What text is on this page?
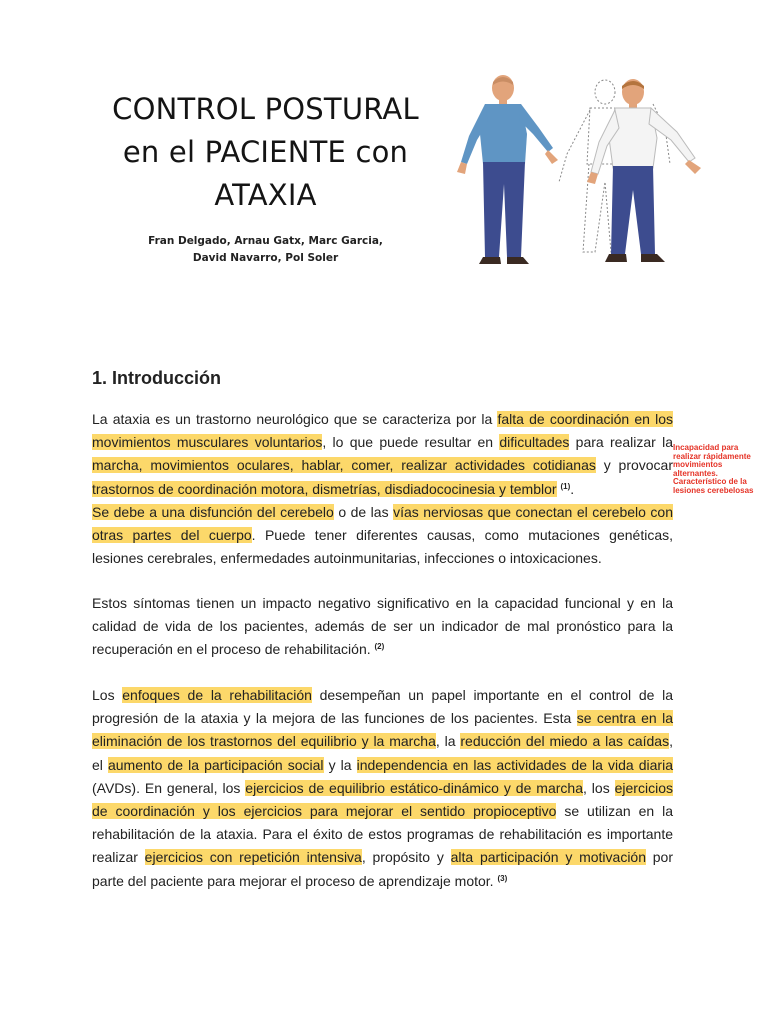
CONTROL POSTURAL
en el PACIENTE con
ATAXIA
Fran Delgado, Arnau Gatx, Marc Garcia,
David Navarro, Pol Soler
1. Introducción

La ataxia es un trastorno neurológico que se caracteriza por la falta de coordinación en los movimientos musculares voluntarios, lo que puede resultar en dificultades para realizar la marcha, movimientos oculares, hablar, comer, realizar actividades cotidianas y provocar trastornos de coordinación motora, dismetrías, disdiadococinesia y temblor $^{(1)}$.
Se debe a una disfunción del cerebelo o de las vías nerviosas que conectan el cerebelo con otras partes del cuerpo. Puede tener diferentes causas, como mutaciones genéticas, lesiones cerebrales, enfermedades autoinmunitarias, infecciones o intoxicaciones.

Estos síntomas tienen un impacto negativo significativo en la capacidad funcional y en la calidad de vida de los pacientes, además de ser un indicador de mal pronóstico para la recuperación en el proceso de rehabilitación. $^{(2)}$

Los enfoques de la rehabilitación desempeñan un papel importante en el control de la progresión de la ataxia y la mejora de las funciones de los pacientes. Esta se centra en la eliminación de los trastornos del equilibrio y la marcha, la reducción del miedo a las caídas, el aumento de la participación social y la independencia en las actividades de la vida diaria (AVDs). En general, los ejercicios de equilibrio estático-dinámico y de marcha, los ejercicios de coordinación y los ejercicios para mejorar el sentido propioceptivo se utilizan en la rehabilitación de la ataxia. Para el éxito de estos programas de rehabilitación es importante realizar ejercicios con repetición intensiva, propósito y alta participación y motivación por parte del paciente para mejorar el proceso de aprendizaje motor. $^{(3)}$

Incapacidad para
realizar rápidamente
movimientos
alternantes.
Característico de la
lesiones cerebelosas
